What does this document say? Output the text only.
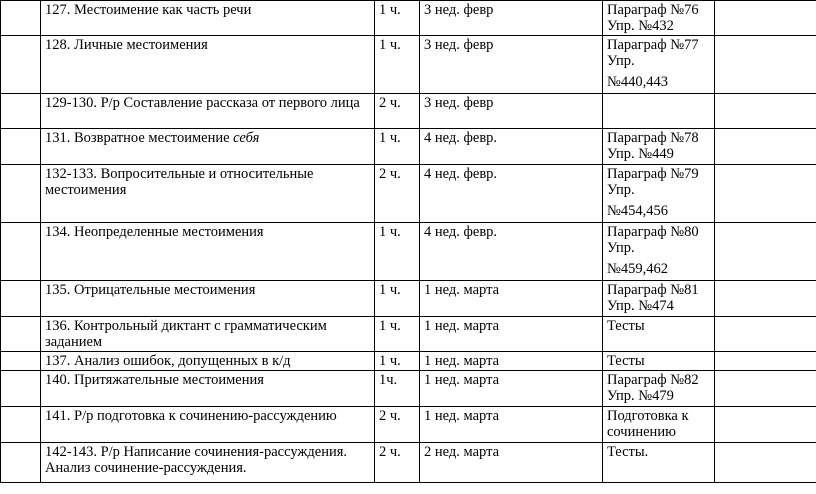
	127. Местоимение как часть речи	1 ч.	3 нед. февр	Параграф №76
Упр. №432	

	128. Личные местоимения	1 ч.	3 нед. февр	Параграф №77
Упр.
№440,443	

	129-130. Р/р Составление рассказа от первого лица	2 ч.	3 нед. февр		
	131. Возвратное местоимение себя	1 ч.	4 нед. февр.	Параграф №78
Упр. №449	

	132-133. Вопросительные и относительные местоимения	2 ч.	4 нед. февр.	Параграф №79
Упр.
№454,456	

	134. Неопределенные местоимения	1 ч.	4 нед. февр.	Параграф №80
Упр.
№459,462	

	135. Отрицательные местоимения	1 ч.	1 нед. марта	Параграф №81
Упр. №474	

	136. Контрольный диктант с грамматическим заданием	1 ч.	1 нед. марта	Тесты	

	137. Анализ ошибок, допущенных в к/д	1 ч.	1 нед. марта	Тесты	

	140. Притяжательные местоимения	1ч.	1 нед. марта	Параграф №82
Упр. №479	

	141. Р/р подготовка к сочинению-рассуждению	2 ч.	1 нед. марта	Подготовка к сочинению	

	142-143. Р/р Написание сочинения-рассуждения. Анализ сочинение-рассуждения.	2 ч.	2 нед. марта	Тесты.	
